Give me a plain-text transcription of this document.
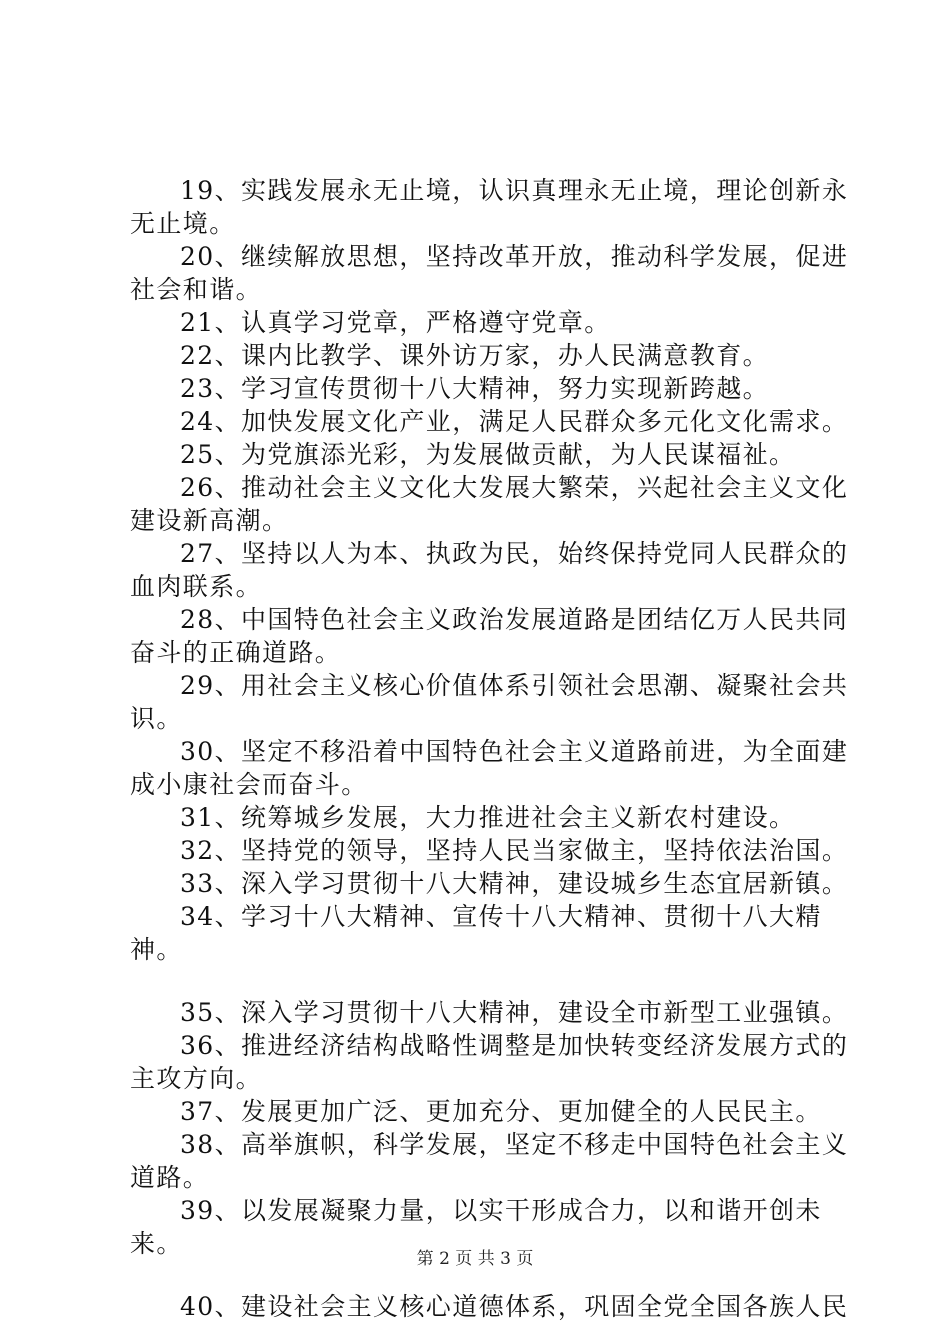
19、实践发展永无止境，认识真理永无止境，理论创新永无止境。

20、继续解放思想，坚持改革开放，推动科学发展，促进社会和谐。

21、认真学习党章，严格遵守党章。

22、课内比教学、课外访万家，办人民满意教育。

23、学习宣传贯彻十八大精神，努力实现新跨越。

24、加快发展文化产业，满足人民群众多元化文化需求。

25、为党旗添光彩，为发展做贡献，为人民谋福祉。

26、推动社会主义文化大发展大繁荣，兴起社会主义文化建设新高潮。

27、坚持以人为本、执政为民，始终保持党同人民群众的血肉联系。

28、中国特色社会主义政治发展道路是团结亿万人民共同奋斗的正确道路。

29、用社会主义核心价值体系引领社会思潮、凝聚社会共识。

30、坚定不移沿着中国特色社会主义道路前进，为全面建成小康社会而奋斗。

31、统筹城乡发展，大力推进社会主义新农村建设。

32、坚持党的领导，坚持人民当家做主，坚持依法治国。

33、深入学习贯彻十八大精神，建设城乡生态宜居新镇。

34、学习十八大精神、宣传十八大精神、贯彻十八大精神。

35、深入学习贯彻十八大精神，建设全市新型工业强镇。

36、推进经济结构战略性调整是加快转变经济发展方式的主攻方向。

37、发展更加广泛、更加充分、更加健全的人民民主。

38、高举旗帜，科学发展，坚定不移走中国特色社会主义道路。

39、以发展凝聚力量，以实干形成合力，以和谐开创未来。

40、建设社会主义核心道德体系，巩固全党全国各族人民

第 2 页 共 3 页
